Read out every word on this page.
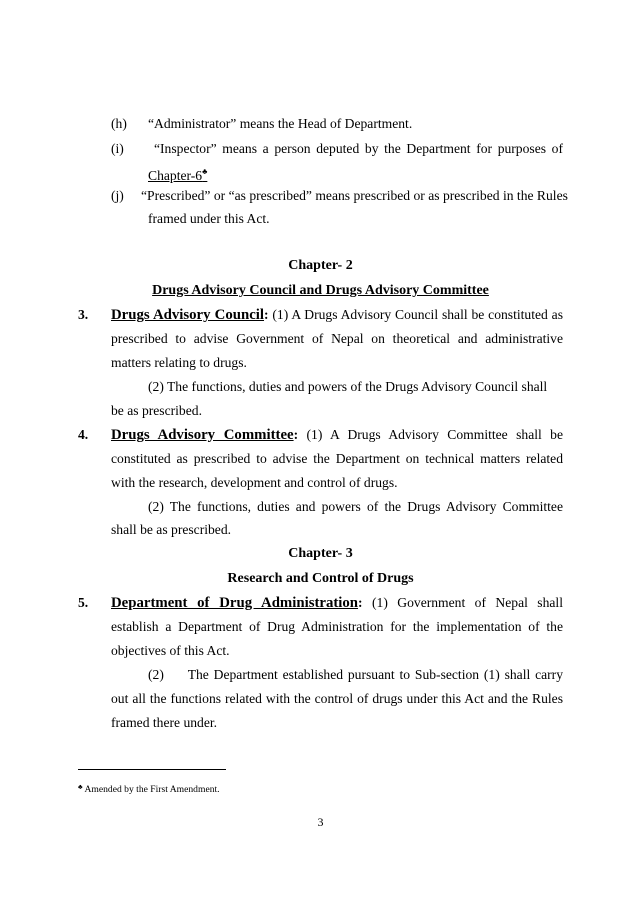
(h) “Administrator” means the Head of Department.
(i) “Inspector” means a person deputed by the Department for purposes of
Chapter-6♣
(j) “Prescribed” or “as prescribed” means prescribed or as prescribed in the Rules
framed under this Act.
Chapter- 2
Drugs Advisory Council and Drugs Advisory Committee
3. Drugs Advisory Council: (1) A Drugs Advisory Council shall be constituted as
prescribed to advise Government of Nepal on theoretical and administrative
matters relating to drugs.
(2) The functions, duties and powers of the Drugs Advisory Council shall
be as prescribed.
4. Drugs Advisory Committee: (1) A Drugs Advisory Committee shall be
constituted as prescribed to advise the Department on technical matters related
with the research, development and control of drugs.
(2) The functions, duties and powers of the Drugs Advisory Committee
shall be as prescribed.
Chapter- 3
Research and Control of Drugs
5. Department of Drug Administration: (1) Government of Nepal shall
establish a Department of Drug Administration for the implementation of the
objectives of this Act.
(2)     The Department established pursuant to Sub-section (1) shall carry
out all the functions related with the control of drugs under this Act and the Rules
framed there under.
♣ Amended by the First Amendment.
3
